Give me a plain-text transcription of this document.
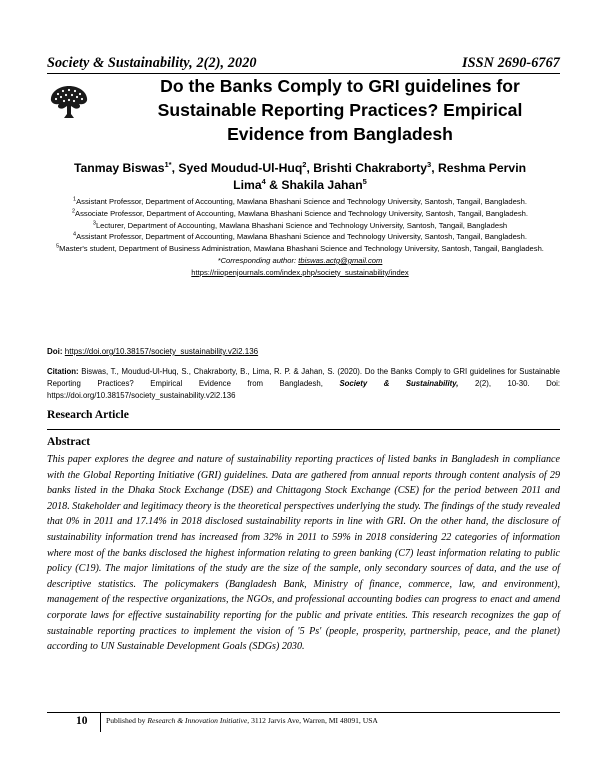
Society & Sustainability, 2(2), 2020	ISSN 2690-6767
Do the Banks Comply to GRI guidelines for Sustainable Reporting Practices? Empirical Evidence from Bangladesh
Tanmay Biswas$^{1*}$, Syed Moudud-Ul-Huq$^2$, Brishti Chakraborty$^3$, Reshma Pervin Lima$^4$ & Shakila Jahan$^5$
$^1$Assistant Professor, Department of Accounting, Mawlana Bhashani Science and Technology University, Santosh, Tangail, Bangladesh.
$^2$Associate Professor, Department of Accounting, Mawlana Bhashani Science and Technology University, Santosh, Tangail, Bangladesh.
$^3$Lecturer, Department of Accounting, Mawlana Bhashani Science and Technology University, Santosh, Tangail, Bangladesh
$^4$Assistant Professor, Department of Accounting, Mawlana Bhashani Science and Technology University, Santosh, Tangail, Bangladesh.
$^5$Master's student, Department of Business Administration, Mawlana Bhashani Science and Technology University, Santosh, Tangail, Bangladesh.
*Corresponding author: tbiswas.actg@gmail.com
https://riiopenjournals.com/index.php/society_sustainability/index
Doi: https://doi.org/10.38157/society_sustainability.v2i2.136
Citation: Biswas, T., Moudud-Ul-Huq, S., Chakraborty, B., Lima, R. P. & Jahan, S. (2020). Do the Banks Comply to GRI guidelines for Sustainable Reporting Practices? Empirical Evidence from Bangladesh, Society & Sustainability, 2(2), 10-30. Doi: https://doi.org/10.38157/society_sustainability.v2i2.136
Research Article
Abstract
This paper explores the degree and nature of sustainability reporting practices of listed banks in Bangladesh in compliance with the Global Reporting Initiative (GRI) guidelines. Data are gathered from annual reports through content analysis of 29 banks listed in the Dhaka Stock Exchange (DSE) and Chittagong Stock Exchange (CSE) for the period between 2011 and 2018. Stakeholder and legitimacy theory is the theoretical perspectives underlying the study. The findings of the study revealed that 0% in 2011 and 17.14% in 2018 disclosed sustainability reports in line with GRI. On the other hand, the disclosure of sustainability information trend has increased from 32% in 2011 to 59% in 2018 considering 22 categories of information where most of the banks disclosed the highest information relating to green banking (C7) least information relating to public policy (C19). The major limitations of the study are the size of the sample, only secondary sources of data, and the use of descriptive statistics. The policymakers (Bangladesh Bank, Ministry of finance, commerce, law, and environment), management of the respective organizations, the NGOs, and professional accounting bodies can progress to enact and amend corporate laws for effective sustainability reporting for the public and private entities. This research recognizes the gap of sustainable reporting practices to implement the vision of '5 Ps' (people, prosperity, partnership, peace, and the planet) according to UN Sustainable Development Goals (SDGs) 2030.
10 Published by Research & Innovation Initiative, 3112 Jarvis Ave, Warren, MI 48091, USA
